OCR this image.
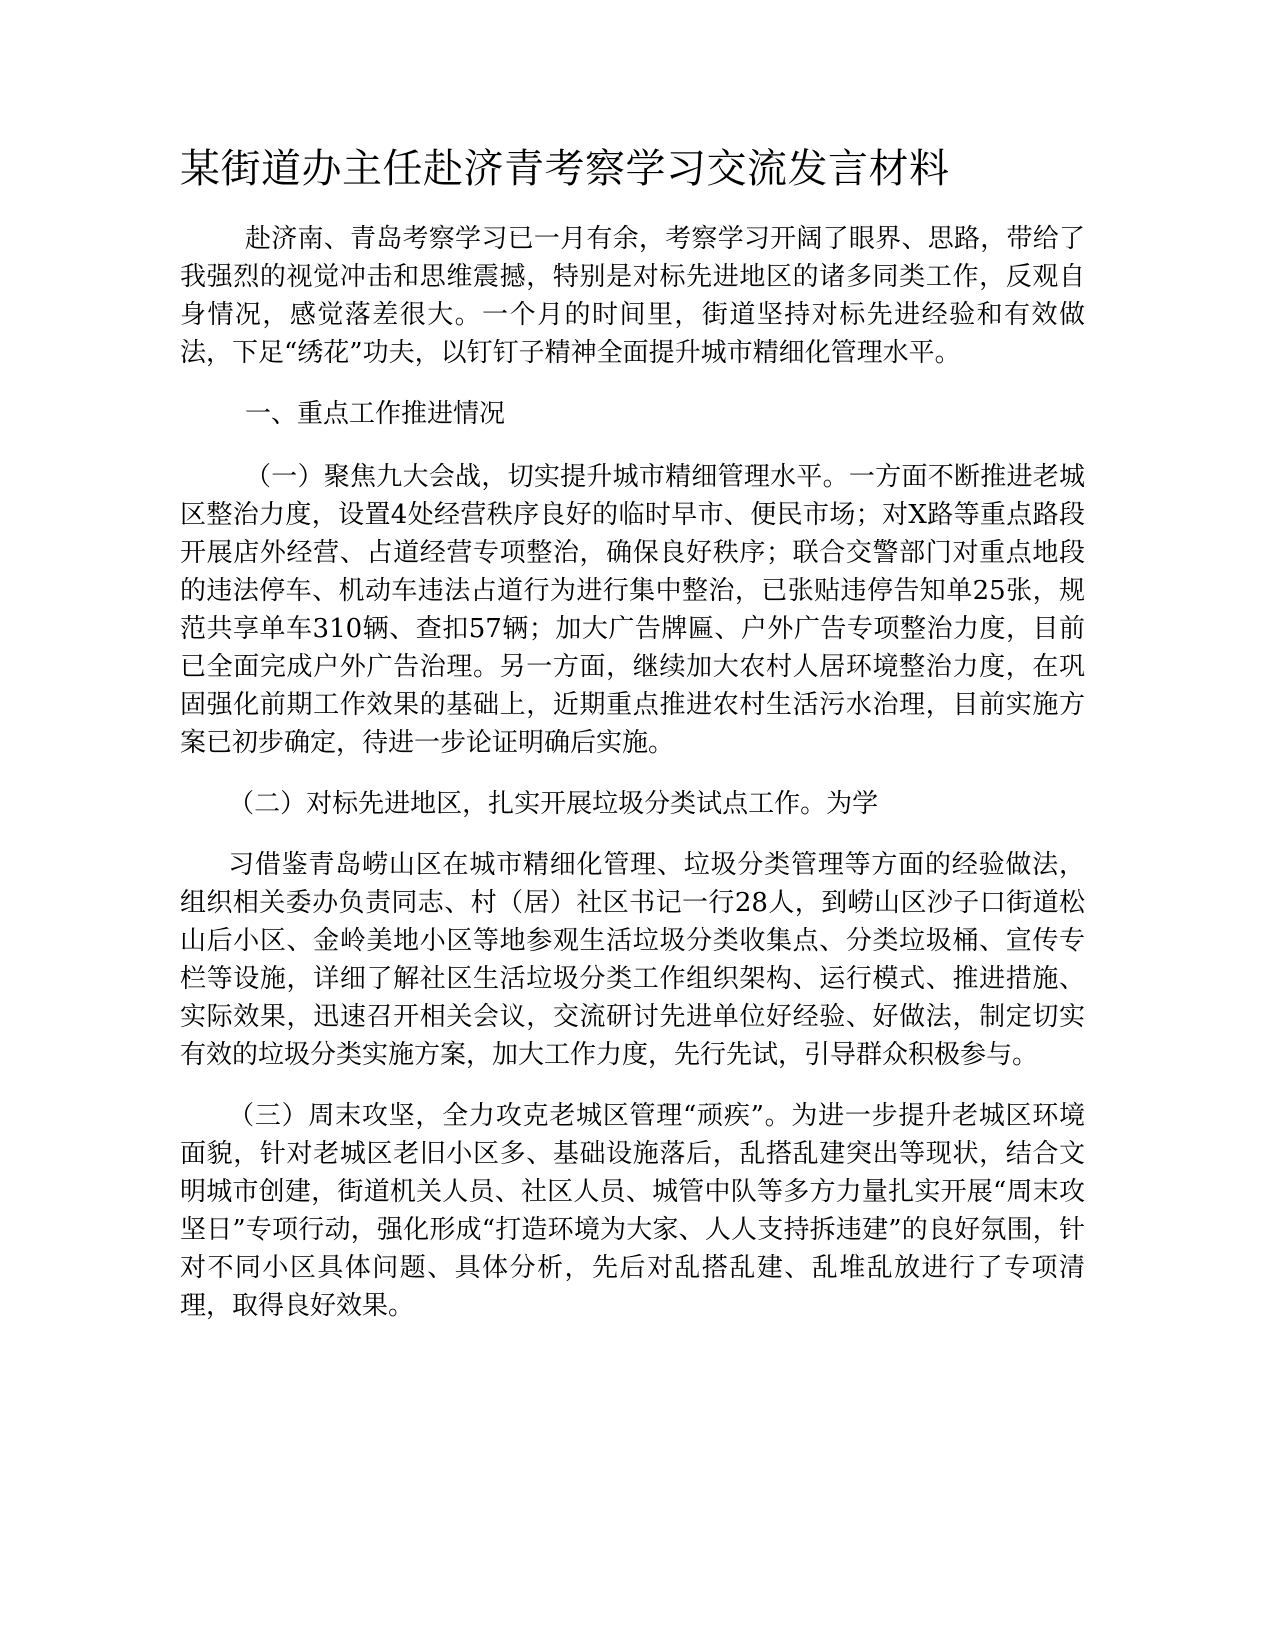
某街道办主任赴济青考察学习交流发言材料

赴济南、青岛考察学习已一月有余，考察学习开阔了眼界、思路，带给了我强烈的视觉冲击和思维震撼，特别是对标先进地区的诸多同类工作，反观自身情况，感觉落差很大。一个月的时间里，街道坚持对标先进经验和有效做法，下足“绣花”功夫，以钉钉子精神全面提升城市精细化管理水平。

一、重点工作推进情况

（一）聚焦九大会战，切实提升城市精细管理水平。一方面不断推进老城区整治力度，设置4处经营秩序良好的临时早市、便民市场；对X路等重点路段开展店外经营、占道经营专项整治，确保良好秩序；联合交警部门对重点地段的违法停车、机动车违法占道行为进行集中整治，已张贴违停告知单25张，规范共享单车310辆、查扣57辆；加大广告牌匾、户外广告专项整治力度，目前已全面完成户外广告治理。另一方面，继续加大农村人居环境整治力度，在巩固强化前期工作效果的基础上，近期重点推进农村生活污水治理，目前实施方案已初步确定，待进一步论证明确后实施。

（二）对标先进地区，扎实开展垃圾分类试点工作。为学

习借鉴青岛崂山区在城市精细化管理、垃圾分类管理等方面的经验做法，组织相关委办负责同志、村（居）社区书记一行28人，到崂山区沙子口街道松山后小区、金岭美地小区等地参观生活垃圾分类收集点、分类垃圾桶、宣传专栏等设施，详细了解社区生活垃圾分类工作组织架构、运行模式、推进措施、实际效果，迅速召开相关会议，交流研讨先进单位好经验、好做法，制定切实有效的垃圾分类实施方案，加大工作力度，先行先试，引导群众积极参与。

（三）周末攻坚，全力攻克老城区管理“顽疾”。为进一步提升老城区环境面貌，针对老城区老旧小区多、基础设施落后，乱搭乱建突出等现状，结合文明城市创建，街道机关人员、社区人员、城管中队等多方力量扎实开展“周末攻坚日”专项行动，强化形成“打造环境为大家、人人支持拆违建”的良好氛围，针对不同小区具体问题、具体分析，先后对乱搭乱建、乱堆乱放进行了专项清理，取得良好效果。
